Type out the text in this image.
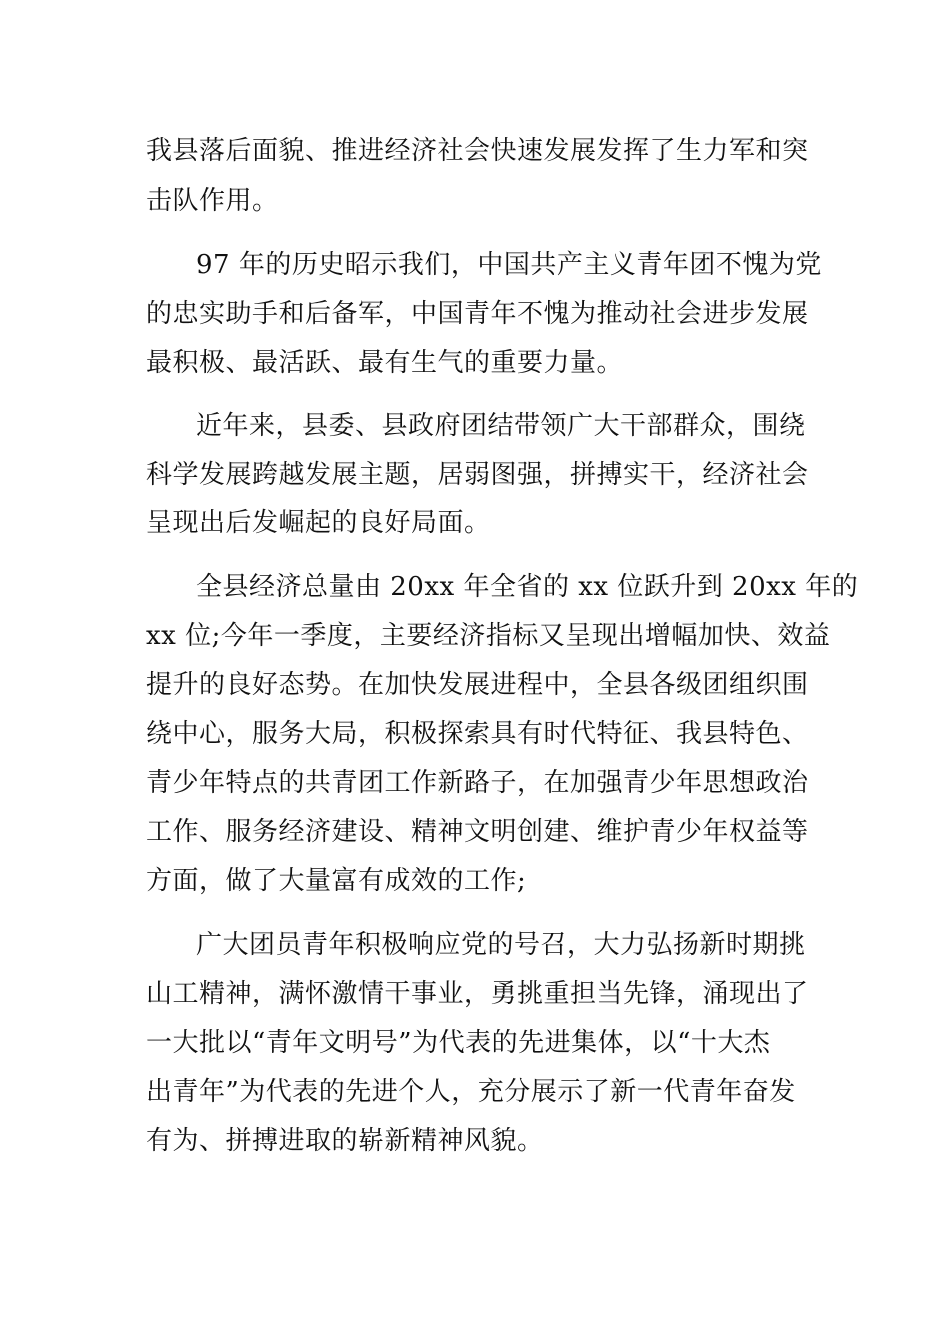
我县落后面貌、推进经济社会快速发展发挥了生力军和突
击队作用。
97 年的历史昭示我们，中国共产主义青年团不愧为党
的忠实助手和后备军，中国青年不愧为推动社会进步发展
最积极、最活跃、最有生气的重要力量。
近年来，县委、县政府团结带领广大干部群众，围绕
科学发展跨越发展主题，居弱图强，拼搏实干，经济社会
呈现出后发崛起的良好局面。
全县经济总量由 20xx 年全省的 xx 位跃升到 20xx 年的
xx 位;今年一季度，主要经济指标又呈现出增幅加快、效益
提升的良好态势。在加快发展进程中，全县各级团组织围
绕中心，服务大局，积极探索具有时代特征、我县特色、
青少年特点的共青团工作新路子，在加强青少年思想政治
工作、服务经济建设、精神文明创建、维护青少年权益等
方面，做了大量富有成效的工作;
广大团员青年积极响应党的号召，大力弘扬新时期挑
山工精神，满怀激情干事业，勇挑重担当先锋，涌现出了
一大批以“青年文明号”为代表的先进集体，以“十大杰
出青年”为代表的先进个人，充分展示了新一代青年奋发
有为、拼搏进取的崭新精神风貌。
